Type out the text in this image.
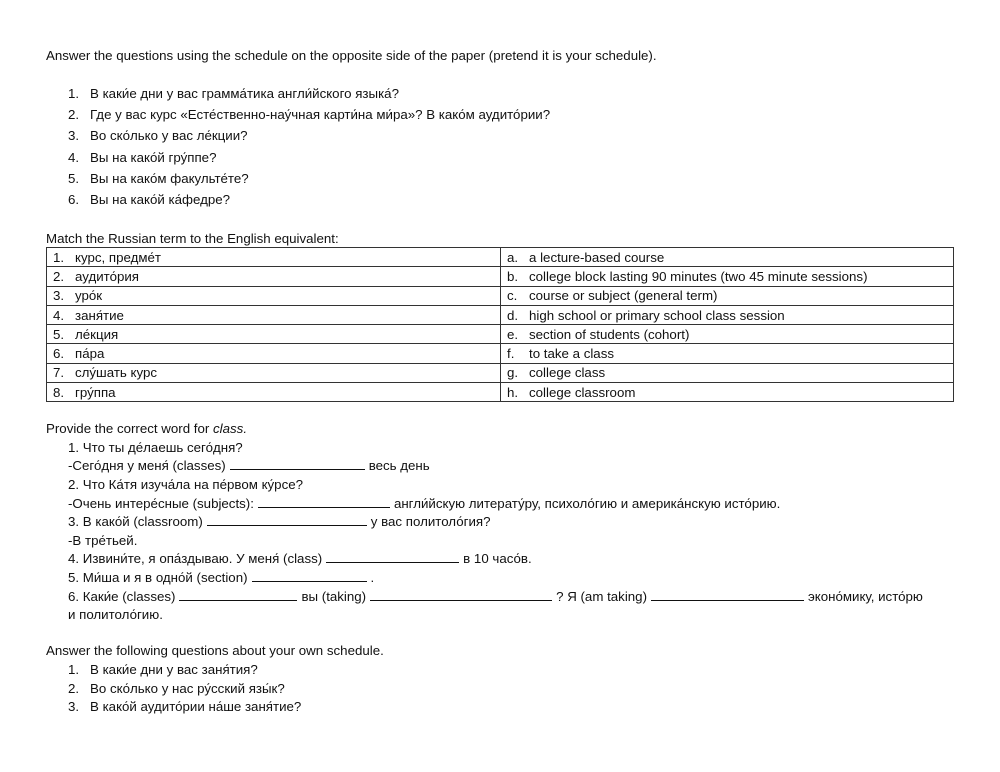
Answer the questions using the schedule on the opposite side of the paper (pretend it is your schedule).
1. В каки́е дни у вас грамма́тика англи́йского языка́?
2. Где у вас курс «Есте́ственно-нау́чная карти́на ми́ра»? В како́м аудито́рии?
3. Во ско́лько у вас ле́кции?
4. Вы на како́й гру́ппе?
5. Вы на како́м факульте́те?
6. Вы на како́й ка́федре?
Match the Russian term to the English equivalent:
1. курс, предме́т	a. a lecture-based course
2. аудито́рия	b. college block lasting 90 minutes (two 45 minute sessions)
3. уро́к	c. course or subject (general term)
4. заня́тие	d. high school or primary school class session
5. ле́кция	e. section of students (cohort)
6. па́ра	f. to take a class
7. слу́шать курс	g. college class
8. гру́ппа	h. college classroom
Provide the correct word for class.
1. Что ты де́лаешь сего́дня?
-Сего́дня у меня́ (classes)	весь день
2. Что Ка́тя изуча́ла на пе́рвом ку́рсе?
-Очень интере́сные (subjects):	англи́йскую литерату́ру, психоло́гию и америка́нскую исто́рию.
3. В како́й (classroom)	у вас политоло́гия?
-В тре́тьей.
4. Извини́те, я опа́здываю. У меня́ (class)	в 10 часо́в.
5. Ми́ша и я в одно́й (section)	.
6. Каки́е (classes)	вы (taking)	? Я (am taking)	эконо́мику, исто́рю
и политоло́гию.
Answer the following questions about your own schedule.
1. В каки́е дни у вас заня́тия?
2. Во ско́лько у нас ру́сский язы́к?
3. В како́й аудито́рии на́ше заня́тие?
